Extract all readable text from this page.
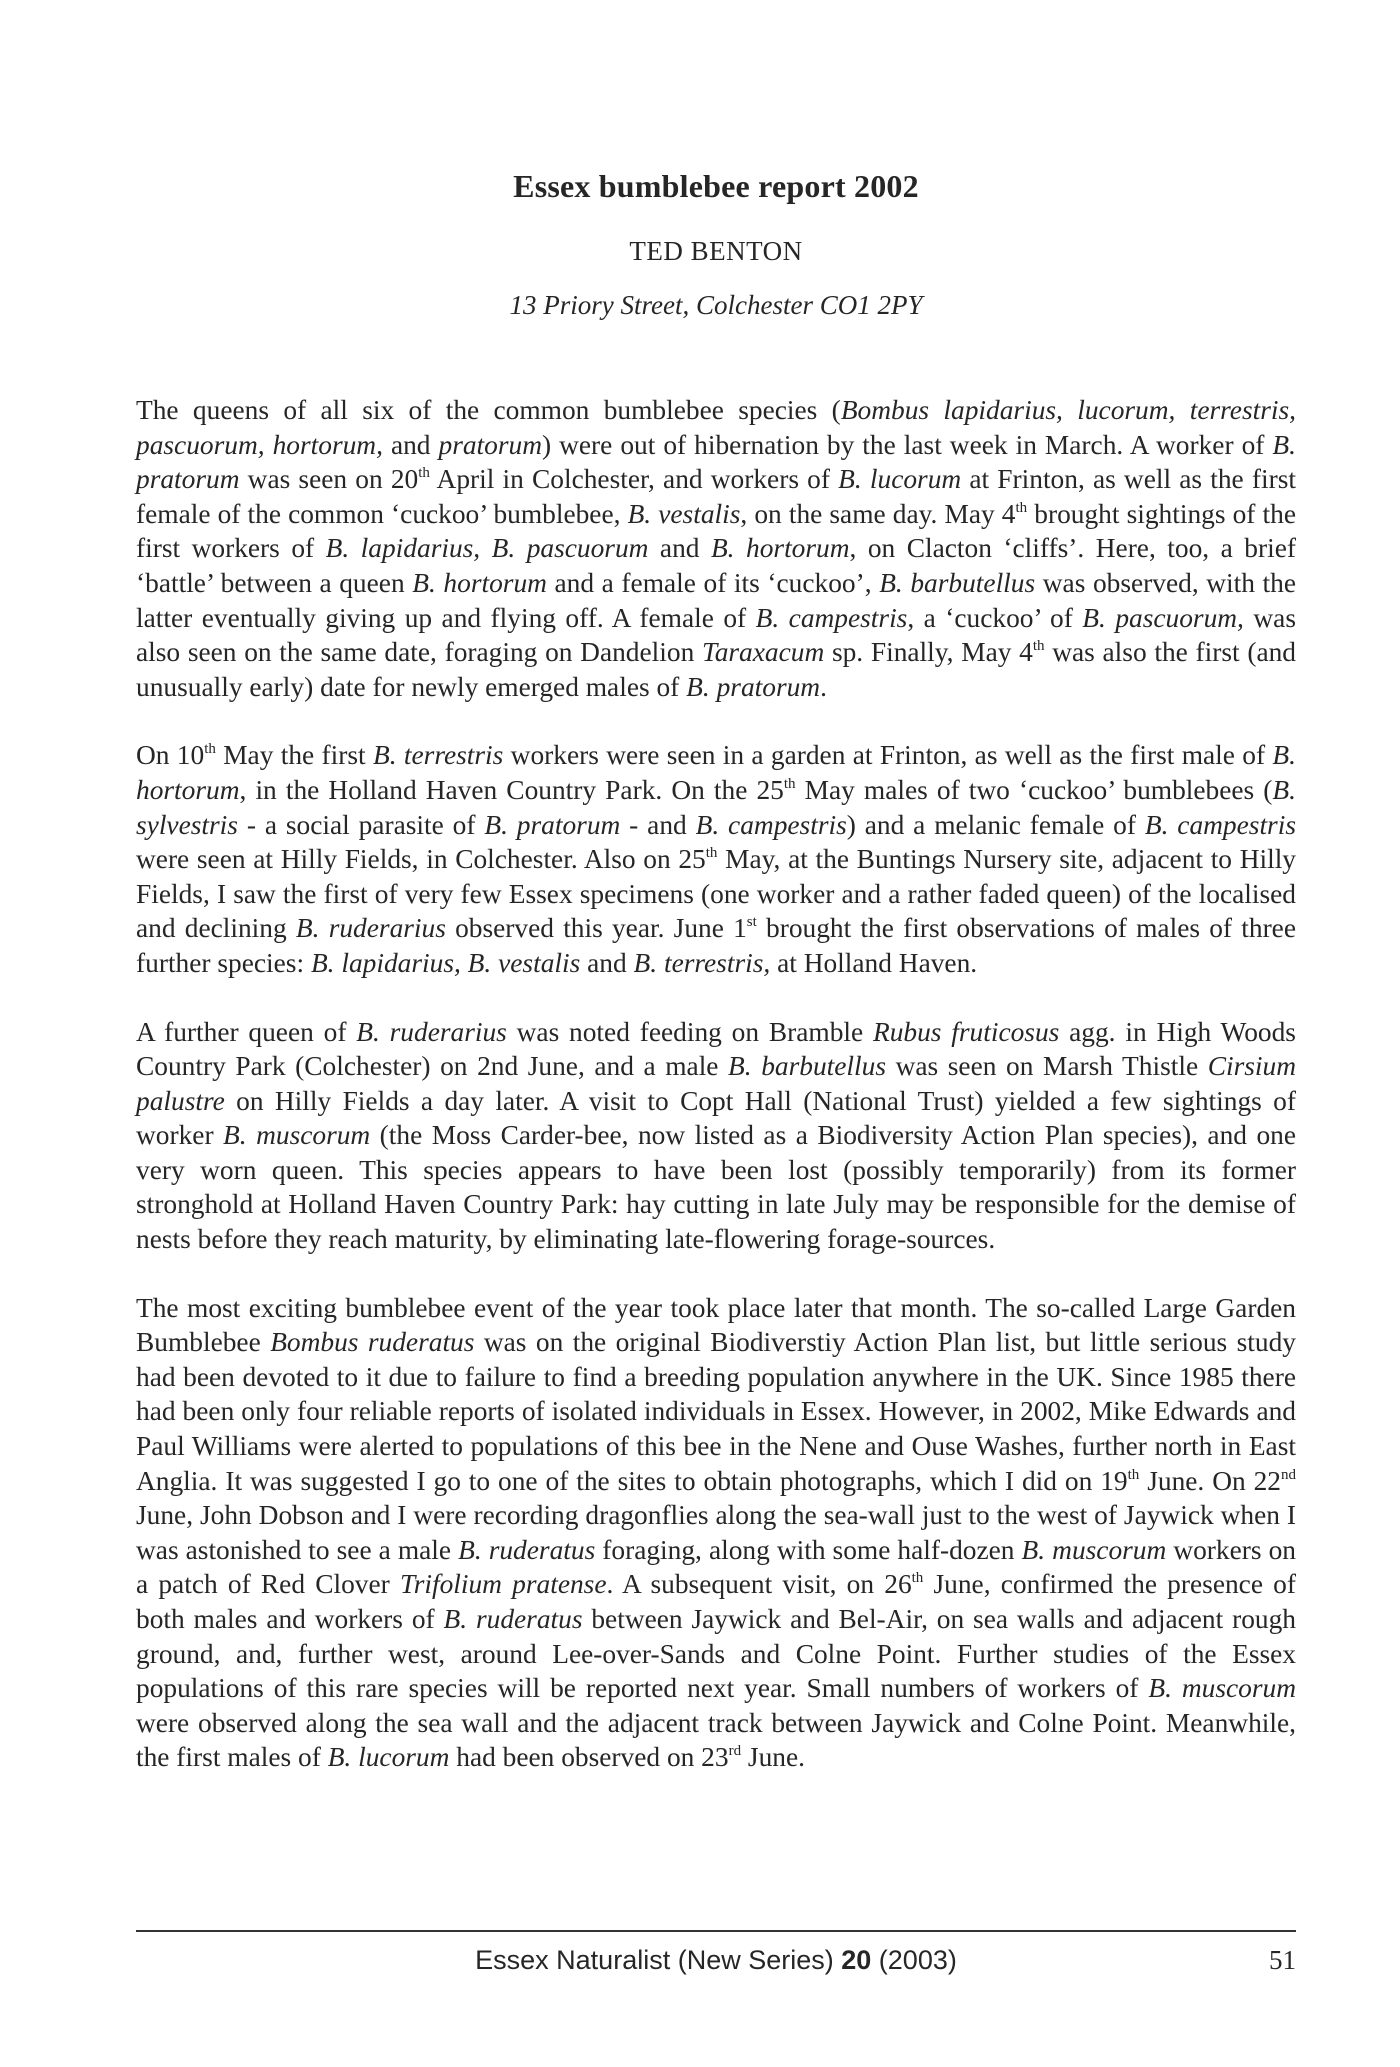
Essex bumblebee report 2002
TED BENTON
13 Priory Street, Colchester CO1 2PY

The queens of all six of the common bumblebee species (Bombus lapidarius, lucorum, terrestris, pascuorum, hortorum, and pratorum) were out of hibernation by the last week in March. A worker of B. pratorum was seen on 20th April in Colchester, and workers of B. lucorum at Frinton, as well as the first female of the common ‘cuckoo’ bumblebee, B. vestalis, on the same day. May 4th brought sightings of the first workers of B. lapidarius, B. pascuorum and B. hortorum, on Clacton ‘cliffs’. Here, too, a brief ‘battle’ between a queen B. hortorum and a female of its ‘cuckoo’, B. barbutellus was observed, with the latter eventually giving up and flying off. A female of B. campestris, a ‘cuckoo’ of B. pascuorum, was also seen on the same date, foraging on Dandelion Taraxacum sp. Finally, May 4th was also the first (and unusually early) date for newly emerged males of B. pratorum.

On 10th May the first B. terrestris workers were seen in a garden at Frinton, as well as the first male of B. hortorum, in the Holland Haven Country Park. On the 25th May males of two ‘cuckoo’ bumblebees (B. sylvestris - a social parasite of B. pratorum - and B. campestris) and a melanic female of B. campestris were seen at Hilly Fields, in Colchester. Also on 25th May, at the Buntings Nursery site, adjacent to Hilly Fields, I saw the first of very few Essex specimens (one worker and a rather faded queen) of the localised and declining B. ruderarius observed this year. June 1st brought the first observations of males of three further species: B. lapidarius, B. vestalis and B. terrestris, at Holland Haven.

A further queen of B. ruderarius was noted feeding on Bramble Rubus fruticosus agg. in High Woods Country Park (Colchester) on 2nd June, and a male B. barbutellus was seen on Marsh Thistle Cirsium palustre on Hilly Fields a day later. A visit to Copt Hall (National Trust) yielded a few sightings of worker B. muscorum (the Moss Carder-bee, now listed as a Biodiversity Action Plan species), and one very worn queen. This species appears to have been lost (possibly temporarily) from its former stronghold at Holland Haven Country Park: hay cutting in late July may be responsible for the demise of nests before they reach maturity, by eliminating late-flowering forage-sources.

The most exciting bumblebee event of the year took place later that month. The so-called Large Garden Bumblebee Bombus ruderatus was on the original Biodiverstiy Action Plan list, but little serious study had been devoted to it due to failure to find a breeding population anywhere in the UK. Since 1985 there had been only four reliable reports of isolated individuals in Essex. However, in 2002, Mike Edwards and Paul Williams were alerted to populations of this bee in the Nene and Ouse Washes, further north in East Anglia. It was suggested I go to one of the sites to obtain photographs, which I did on 19th June. On 22nd June, John Dobson and I were recording dragonflies along the sea-wall just to the west of Jaywick when I was astonished to see a male B. ruderatus foraging, along with some half-dozen B. muscorum workers on a patch of Red Clover Trifolium pratense. A subsequent visit, on 26th June, confirmed the presence of both males and workers of B. ruderatus between Jaywick and Bel-Air, on sea walls and adjacent rough ground, and, further west, around Lee-over-Sands and Colne Point. Further studies of the Essex populations of this rare species will be reported next year. Small numbers of workers of B. muscorum were observed along the sea wall and the adjacent track between Jaywick and Colne Point. Meanwhile, the first males of B. lucorum had been observed on 23rd June.

Essex Naturalist (New Series) 20 (2003)	51
